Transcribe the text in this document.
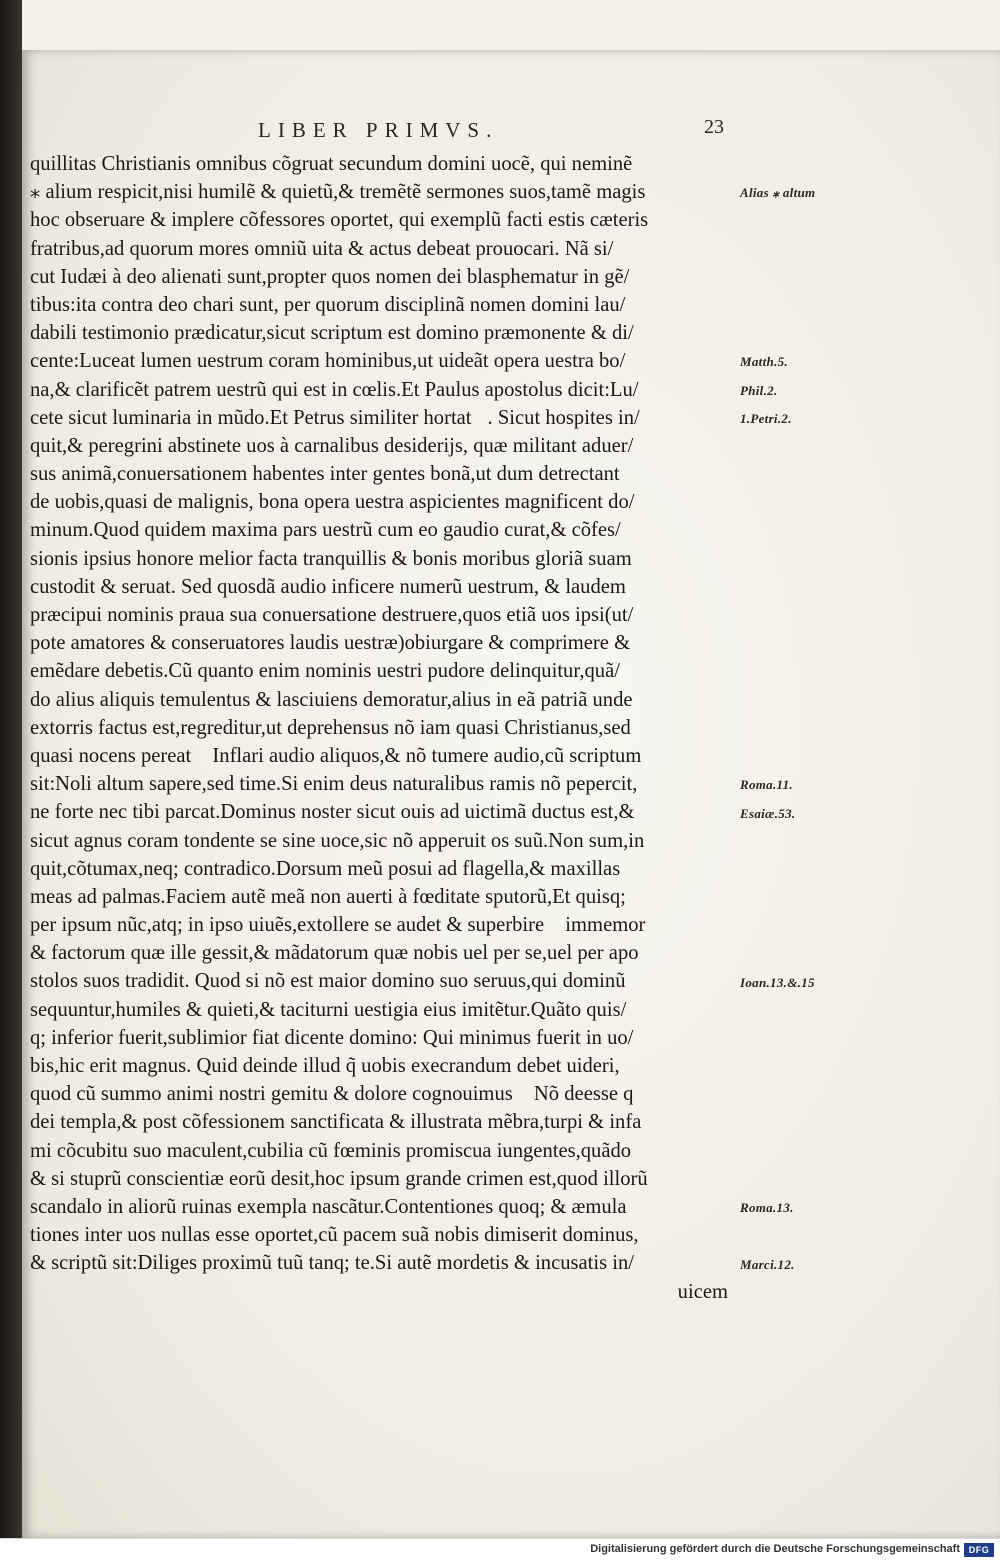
LIBER PRIMVS.	23
quillitas Christianis omnibus cõgruat secundum domini uocẽ, qui neminẽ
⁎ alium respicit,nisi humilẽ & quietũ,& tremẽtẽ sermones suos,tamẽ magis
hoc obseruare & implere cõfessores oportet, qui exemplũ facti estis cæteris
fratribus,ad quorum mores omniũ uita & actus debeat prouocari. Nã si/
cut Iudæi à deo alienati sunt,propter quos nomen dei blasphematur in gẽ/
tibus:ita contra deo chari sunt, per quorum disciplinã nomen domini lau/
dabili testimonio prædicatur,sicut scriptum est domino præmonente & di/
cente:Luceat lumen uestrum coram hominibus,ut uideãt opera uestra bo/
na,& clarificẽt patrem uestrũ qui est in cœlis.Et Paulus apostolus dicit:Lu/
cete sicut luminaria in mũdo.Et Petrus similiter hortat᷑. Sicut hospites in/
quit,& peregrini abstinete uos à carnalibus desiderijs, quæ militant aduer/
sus animã,conuersationem habentes inter gentes bonã,ut dum detrectant
de uobis,quasi de malignis, bona opera uestra aspicientes magnificent do/
minum.Quod quidem maxima pars uestrũ cum eo gaudio curat,& cõfes/
sionis ipsius honore melior facta tranquillis & bonis moribus gloriã suam
custodit & seruat. Sed quosdã audio inficere numerũ uestrum, & laudem
præcipui nominis praua sua conuersatione destruere,quos etiã uos ipsi(ut/
pote amatores & conseruatores laudis uestræ)obiurgare & comprimere &
emẽdare debetis.Cũ quanto enim nominis uestri pudore delinquitur,quã/
do alius aliquis temulentus & lasciuiens demoratur,alius in eã patriã unde
extorris factus est,regreditur,ut deprehensus nõ iam quasi Christianus,sed
quasi nocens pereat᷑ Inflari audio aliquos,& nõ tumere audio,cũ scriptum
sit:Noli altum sapere,sed time.Si enim deus naturalibus ramis nõ pepercit,
ne forte nec tibi parcat.Dominus noster sicut ouis ad uictimã ductus est,&
sicut agnus coram tondente se sine uoce,sic nõ apperuit os suũ.Non sum,in
quit,cõtumax,neq; contradico.Dorsum meũ posui ad flagella,& maxillas
meas ad palmas.Faciem autẽ meã non auerti à fœditate sputorũ,Et quisq;
per ipsum nũc,atq; in ipso uiuẽs,extollere se audet & superbire᷑ immemor
& factorum quæ ille gessit,& mãdatorum quæ nobis uel per se,uel per apo
stolos suos tradidit. Quod si nõ est maior domino suo seruus,qui dominũ
sequuntur,humiles & quieti,& taciturni uestigia eius imitẽtur.Quãto quis/
q; inferior fuerit,sublimior fiat dicente domino: Qui minimus fuerit in uo/
bis,hic erit magnus. Quid deinde illud q̃ uobis execrandum debet uideri,
quod cũ summo animi nostri gemitu & dolore cognouimus᷑ Nõ deesse q
dei templa,& post cõfessionem sanctificata & illustrata mẽbra,turpi & infa
mi cõcubitu suo maculent,cubilia cũ fœminis promiscua iungentes,quãdo
& si stuprũ conscientiæ eorũ desit,hoc ipsum grande crimen est,quod illorũ
scandalo in aliorũ ruinas exempla nascãtur.Contentiones quoq; & æmula
tiones inter uos nullas esse oportet,cũ pacem suã nobis dimiserit dominus,
& scriptũ sit:Diliges proximũ tuũ tanq; te.Si autẽ mordetis & incusatis in/
uicem
Alias ⁎ altum
Matth.5.
Phil.2.
1.Petri.2.
Roma.11.
Esaiæ.53.
Ioan.13.&.15
Roma.13.
Marci.12.
Digitalisierung gefördert durch die Deutsche Forschungsgemeinschaft DFG
